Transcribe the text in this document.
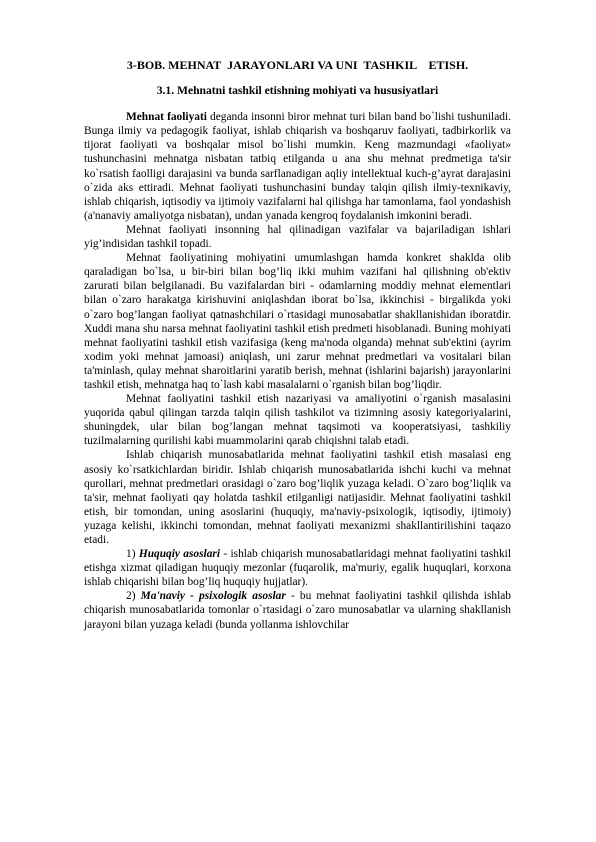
3-BOB. MEHNAT  JARAYONLARI VA UNI  TASHKIL    ETISH.
3.1. Mehnatni tashkil etishning mohiyati va hususiyatlari

Mehnat faoliyati deganda insonni biror mehnat turi bilan band bo`lishi tushuniladi. Bunga ilmiy va pedagogik faoliyat, ishlab chiqarish va boshqaruv faoliyati, tadbirkorlik va tijorat faoliyati va boshqalar misol bo`lishi mumkin. Keng mazmundagi «faoliyat» tushunchasini mehnatga nisbatan tatbiq etilganda u ana shu mehnat predmetiga ta'sir ko`rsatish faolligi darajasini va bunda sarflanadigan aqliy intellektual kuch-g’ayrat darajasini o`zida aks ettiradi. Mehnat faoliyati tushunchasini bunday talqin qilish ilmiy-texnikaviy, ishlab chiqarish, iqtisodiy va ijtimoiy vazifalarni hal qilishga har tamonlama, faol yondashish (a'nanaviy amaliyotga nisbatan), undan yanada kengroq foydalanish imkonini beradi.

Mehnat faoliyati insonning hal qilinadigan vazifalar va bajariladigan ishlari yig’indisidan tashkil topadi.

Mehnat faoliyatining mohiyatini umumlashgan hamda konkret shaklda olib qaraladigan bo`lsa, u bir-biri bilan bog’liq ikki muhim vazifani hal qilishning ob'ektiv zarurati bilan belgilanadi. Bu vazifalardan biri - odamlarning moddiy mehnat elementlari bilan o`zaro harakatga kirishuvini aniqlashdan iborat bo`lsa, ikkinchisi - birgalikda yoki o`zaro bog’langan faoliyat qatnashchilari o`rtasidagi munosabatlar shakllanishidan iboratdir. Xuddi mana shu narsa mehnat faoliyatini tashkil etish predmeti hisoblanadi. Buning mohiyati mehnat faoliyatini tashkil etish vazifasiga (keng ma'noda olganda) mehnat sub'ektini (ayrim xodim yoki mehnat jamoasi) aniqlash, uni zarur mehnat predmetlari va vositalari bilan ta'minlash, qulay mehnat sharoitlarini yaratib berish, mehnat (ishlarini bajarish) jarayonlarini tashkil etish, mehnatga haq to`lash kabi masalalarni o`rganish bilan bog’liqdir.

Mehnat faoliyatini tashkil etish nazariyasi va amaliyotini o`rganish masalasini yuqorida qabul qilingan tarzda talqin qilish tashkilot va tizimning asosiy kategoriyalarini, shuningdek, ular bilan bog’langan mehnat taqsimoti va kooperatsiyasi, tashkiliy tuzilmalarning qurilishi kabi muammolarini qarab chiqishni talab etadi.

Ishlab chiqarish munosabatlarida mehnat faoliyatini tashkil etish masalasi eng asosiy ko`rsatkichlardan biridir. Ishlab chiqarish munosabatlarida ishchi kuchi va mehnat qurollari, mehnat predmetlari orasidagi o`zaro bog’liqlik yuzaga keladi. O`zaro bog’liqlik va ta'sir, mehnat faoliyati qay holatda tashkil etilganligi natijasidir. Mehnat faoliyatini tashkil etish, bir tomondan, uning asoslarini (huquqiy, ma'naviy-psixologik, iqtisodiy, ijtimoiy) yuzaga kelishi, ikkinchi tomondan, mehnat faoliyati mexanizmi shakllantirilishini taqazo etadi.

1) Huquqiy asoslari - ishlab chiqarish munosabatlaridagi mehnat faoliyatini tashkil etishga xizmat qiladigan huquqiy mezonlar (fuqarolik, ma'muriy, egalik huquqlari, korxona ishlab chiqarishi bilan bog’liq huquqiy hujjatlar).

2) Ma'naviy - psixologik asoslar - bu mehnat faoliyatini tashkil qilishda ishlab chiqarish munosabatlarida tomonlar o`rtasidagi o`zaro munosabatlar va ularning shakllanish jarayoni bilan yuzaga keladi (bunda yollanma ishlovchilar
